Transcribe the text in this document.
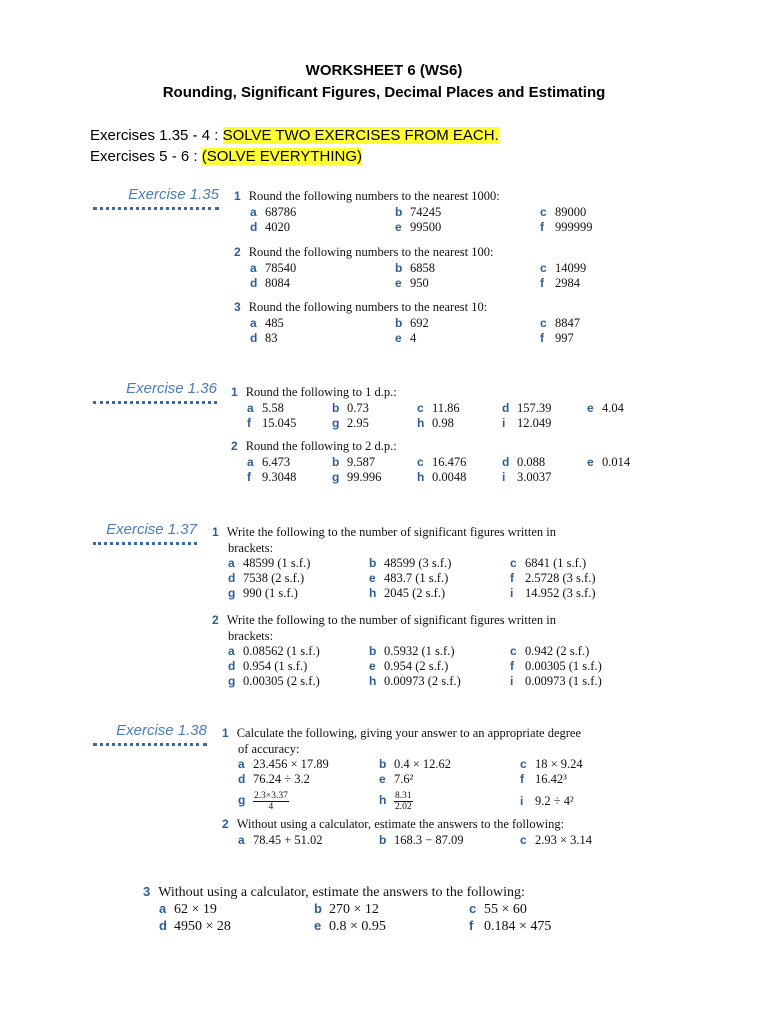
WORKSHEET 6 (WS6)
Rounding, Significant Figures, Decimal Places and Estimating
Exercises 1.35 - 4 : SOLVE TWO EXERCISES FROM EACH.
Exercises 5 - 6 : (SOLVE EVERYTHING)
Exercise 1.35 1 Round the following numbers to the nearest 1000:
a 68786	b 74245	c 89000
d 4020	e 99500	f 999999
2 Round the following numbers to the nearest 100:
a 78540	b 6858	c 14099
d 8084	e 950	f 2984
3 Round the following numbers to the nearest 10:
a 485	b 692	c 8847
d 83	e 4	f 997
Exercise 1.36 1 Round the following to 1 d.p.:
a 5.58	b 0.73	c 11.86	d 157.39	e 4.04
f 15.045	g 2.95	h 0.98	i 12.049
2 Round the following to 2 d.p.:
a 6.473	b 9.587	c 16.476	d 0.088	e 0.014
f 9.3048	g 99.996	h 0.0048	i 3.0037
Exercise 1.37 1 Write the following to the number of significant figures written in
brackets:
a 48599 (1 s.f.)	b 48599 (3 s.f.)	c 6841 (1 s.f.)
d 7538 (2 s.f.)	e 483.7 (1 s.f.)	f 2.5728 (3 s.f.)
g 990 (1 s.f.)	h 2045 (2 s.f.)	i 14.952 (3 s.f.)
2 Write the following to the number of significant figures written in
brackets:
a 0.08562 (1 s.f.)	b 0.5932 (1 s.f.)	c 0.942 (2 s.f.)
d 0.954 (1 s.f.)	e 0.954 (2 s.f.)	f 0.00305 (1 s.f.)
g 0.00305 (2 s.f.)	h 0.00973 (2 s.f.)	i 0.00973 (1 s.f.)
Exercise 1.38 1 Calculate the following, giving your answer to an appropriate degree
of accuracy:
a 23.456 × 17.89	b 0.4 × 12.62	c 18 × 9.24
d 76.24 ÷ 3.2	e 7.6²	f 16.42³
g $\frac{2.3\times 3.37}{4}$	h $\frac{8.31}{2.02}$	i 9.2 ÷ 4²
2 Without using a calculator, estimate the answers to the following:
a 78.45 + 51.02	b 168.3 − 87.09	c 2.93 × 3.14
3 Without using a calculator, estimate the answers to the following:
a 62 × 19	b 270 × 12	c 55 × 60
d 4950 × 28	e 0.8 × 0.95	f 0.184 × 475
